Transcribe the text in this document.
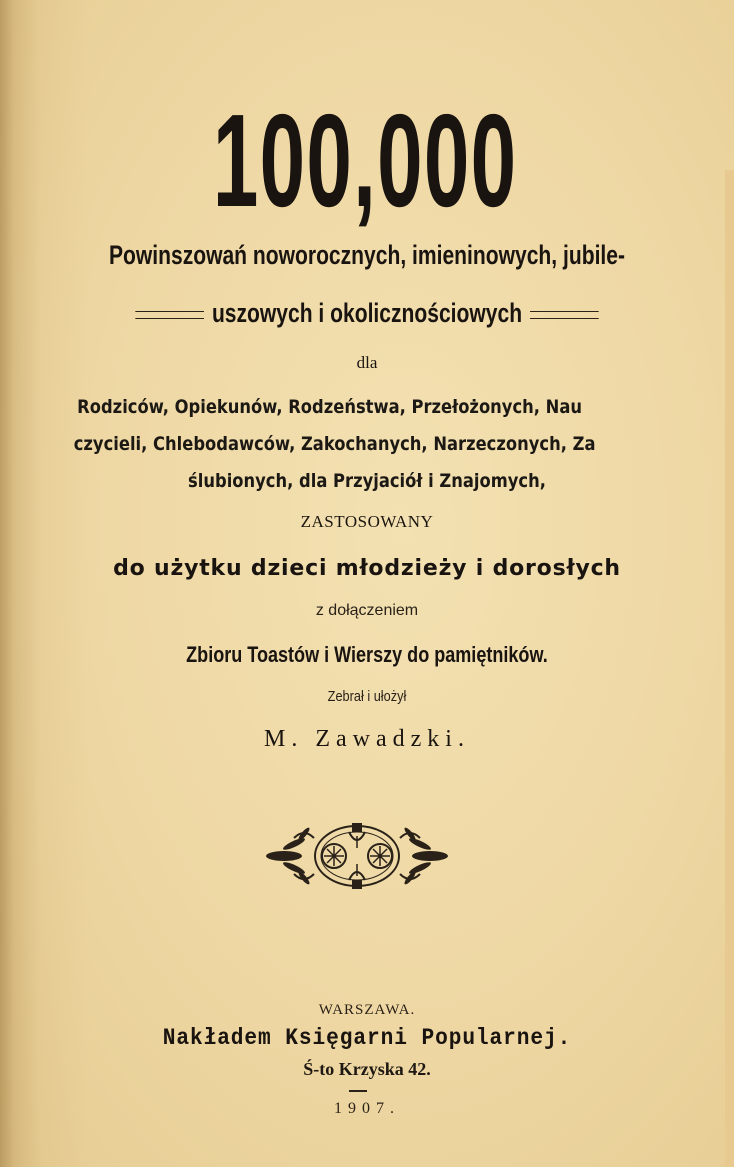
100,000
Powinszowań noworocznych, imieninowych, jubile-
uszowych i okolicznościowych
dla
Rodziców, Opiekunów, Rodzeństwa, Przełożonych, Nau
czycieli, Chlebodawców, Zakochanych, Narzeczonych, Za
ślubionych, dla Przyjaciół i Znajomych,
ZASTOSOWANY
do użytku dzieci młodzieży i dorosłych
z dołączeniem
Zbioru Toastów i Wierszy do pamiętników.
Zebrał i ułożył
M. Zawadzki.
WARSZAWA.
Nakładem Księgarni Popularnej.
Ś-to Krzyska 42.
1907.
